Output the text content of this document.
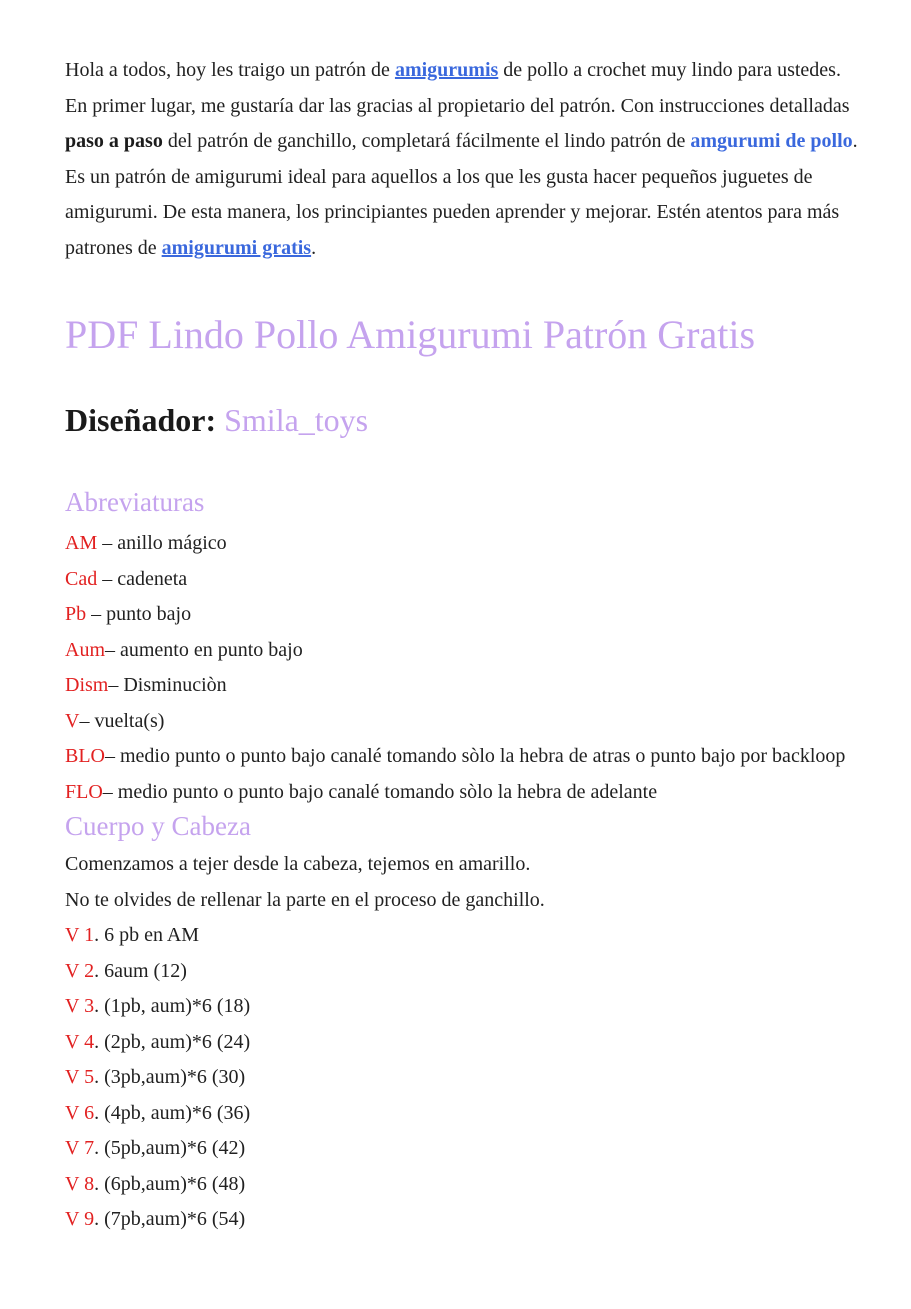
Hola a todos, hoy les traigo un patrón de amigurumis de pollo a crochet muy lindo para ustedes. En primer lugar, me gustaría dar las gracias al propietario del patrón. Con instrucciones detalladas paso a paso del patrón de ganchillo, completará fácilmente el lindo patrón de amgurumi de pollo. Es un patrón de amigurumi ideal para aquellos a los que les gusta hacer pequeños juguetes de amigurumi. De esta manera, los principiantes pueden aprender y mejorar. Estén atentos para más patrones de amigurumi gratis.

PDF Lindo Pollo Amigurumi Patrón Gratis
Diseñador: Smila_toys
Abreviaturas

AM – anillo mágico

Cad – cadeneta

Pb – punto bajo

Aum– aumento en punto bajo

Dism– Disminuciòn

V– vuelta(s)

BLO– medio punto o punto bajo canalé tomando sòlo la hebra de atras o punto bajo por backloop

FLO– medio punto o punto bajo canalé tomando sòlo la hebra de adelante

Cuerpo y Cabeza

Comenzamos a tejer desde la cabeza, tejemos en amarillo.

No te olvides de rellenar la parte en el proceso de ganchillo.

V 1. 6 pb en AM

V 2. 6aum (12)

V 3. (1pb, aum)*6 (18)

V 4. (2pb, aum)*6 (24)

V 5. (3pb,aum)*6 (30)

V 6. (4pb, aum)*6 (36)

V 7. (5pb,aum)*6 (42)

V 8. (6pb,aum)*6 (48)

V 9. (7pb,aum)*6 (54)
